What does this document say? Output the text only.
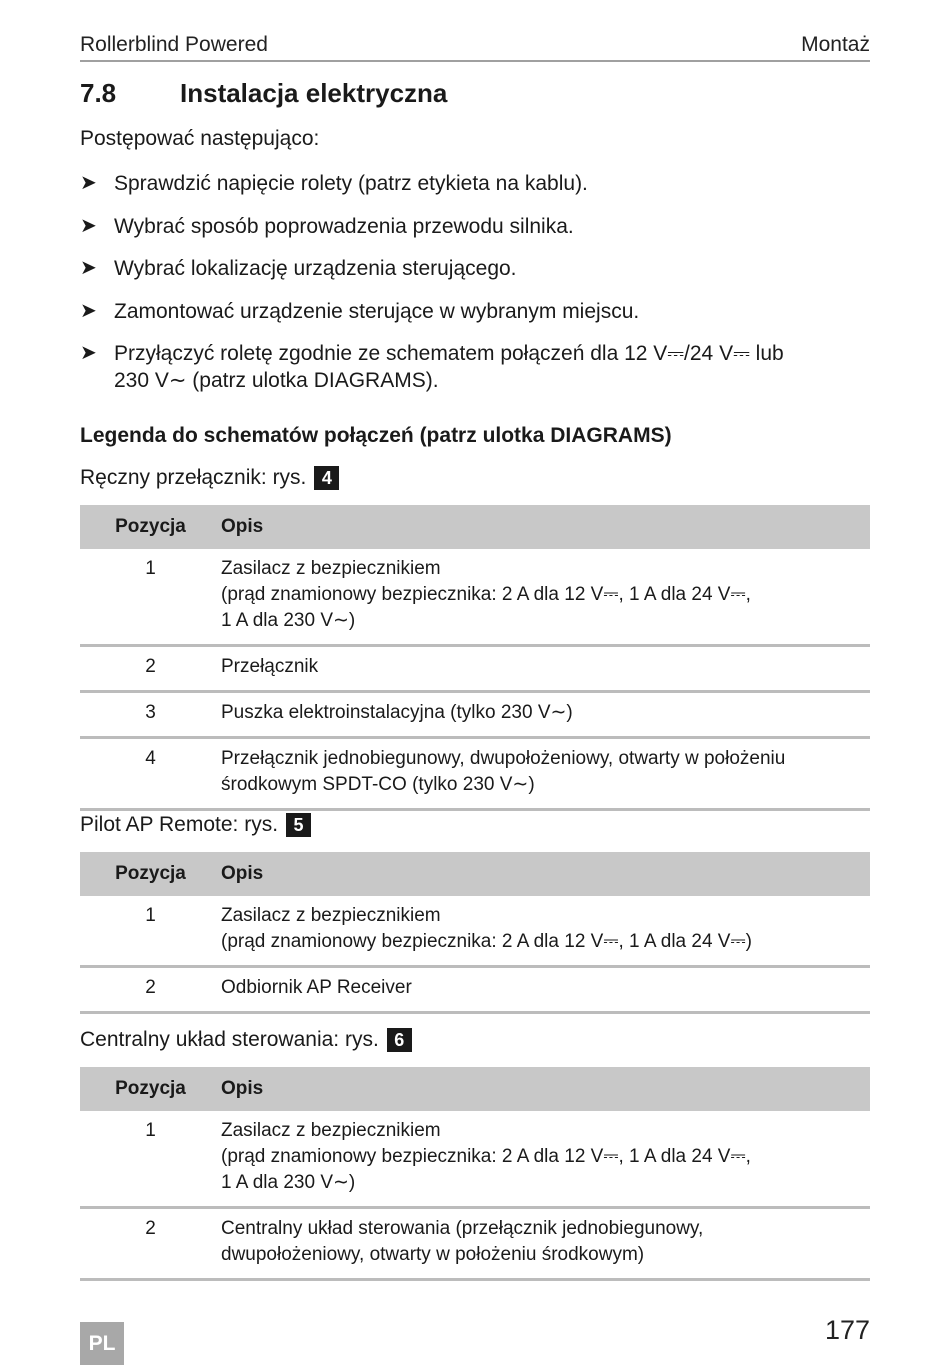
Rollerblind Powered	Montaż
7.8	Instalacja elektryczna

Postępować następująco:

➤ Sprawdzić napięcie rolety (patrz etykieta na kablu).
➤ Wybrać sposób poprowadzenia przewodu silnika.
➤ Wybrać lokalizację urządzenia sterującego.
➤ Zamontować urządzenie sterujące w wybranym miejscu.
➤ Przyłączyć roletę zgodnie ze schematem połączeń dla 12 V⎓/24 V⎓ lub
230 V∼ (patrz ulotka DIAGRAMS).
Legenda do schematów połączeń (patrz ulotka DIAGRAMS)
Ręczny przełącznik: rys. 4
Pozycja	Opis
1	Zasilacz z bezpiecznikiem
(prąd znamionowy bezpiecznika: 2 A dla 12 V⎓, 1 A dla 24 V⎓,
1 A dla 230 V∼)
2	Przełącznik
3	Puszka elektroinstalacyjna (tylko 230 V∼)
4	Przełącznik jednobiegunowy, dwupołożeniowy, otwarty w położeniu
środkowym SPDT-CO (tylko 230 V∼)
Pilot AP Remote: rys. 5
Pozycja	Opis
1	Zasilacz z bezpiecznikiem
(prąd znamionowy bezpiecznika: 2 A dla 12 V⎓, 1 A dla 24 V⎓)
2	Odbiornik AP Receiver
Centralny układ sterowania: rys. 6
Pozycja	Opis
1	Zasilacz z bezpiecznikiem
(prąd znamionowy bezpiecznika: 2 A dla 12 V⎓, 1 A dla 24 V⎓,
1 A dla 230 V∼)
2	Centralny układ sterowania (przełącznik jednobiegunowy,
dwupołożeniowy, otwarty w położeniu środkowym)
PL	177
